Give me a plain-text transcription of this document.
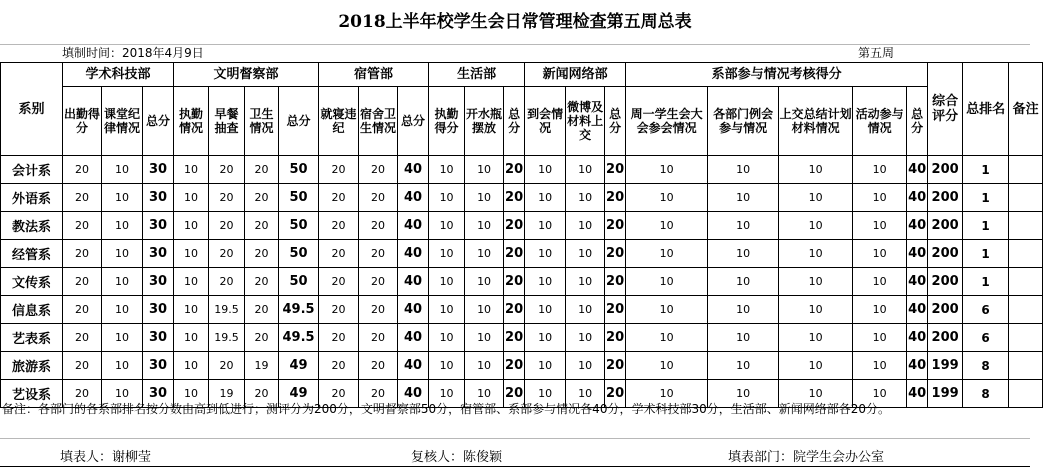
2018上半年校学生会日常管理检查第五周总表
填制时间：2018年4月9日	第五周
系别	学术科技部			文明督察部				宿管部			生活部			新闻网络部			系部参与情况考核得分					综合评分	总排名	备注
	出勤得分	课堂纪律情况	总分	执勤情况	早餐抽查	卫生情况	总分	就寝违纪	宿舍卫生情况	总分	执勤得分	开水瓶摆放	总分	到会情况	微博及材料上交	总分	周一学生会大会参会情况	各部门例会参与情况	上交总结计划材料情况	活动参与情况	总分			
会计系	20	10	30	10	20	20	50	20	20	40	10	10	20	10	10	20	10	10	10	10	40	200	1	
外语系	20	10	30	10	20	20	50	20	20	40	10	10	20	10	10	20	10	10	10	10	40	200	1	
教法系	20	10	30	10	20	20	50	20	20	40	10	10	20	10	10	20	10	10	10	10	40	200	1	
经管系	20	10	30	10	20	20	50	20	20	40	10	10	20	10	10	20	10	10	10	10	40	200	1	
文传系	20	10	30	10	20	20	50	20	20	40	10	10	20	10	10	20	10	10	10	10	40	200	1	
信息系	20	10	30	10	19.5	20	49.5	20	20	40	10	10	20	10	10	20	10	10	10	10	40	200	6	
艺表系	20	10	30	10	19.5	20	49.5	20	20	40	10	10	20	10	10	20	10	10	10	10	40	200	6	
旅游系	20	10	30	10	20	19	49	20	20	40	10	10	20	10	10	20	10	10	10	10	40	199	8	
艺设系	20	10	30	10	19	20	49	20	20	40	10	10	20	10	10	20	10	10	10	10	40	199	8	
备注：各部门的各系部排名按分数由高到低进行；测评分为200分，文明督察部50分，宿管部、系部参与情况各40分，学术科技部30分，生活部、新闻网络部各20分。
填表人：谢柳莹	复核人：陈俊颖	填表部门：院学生会办公室
